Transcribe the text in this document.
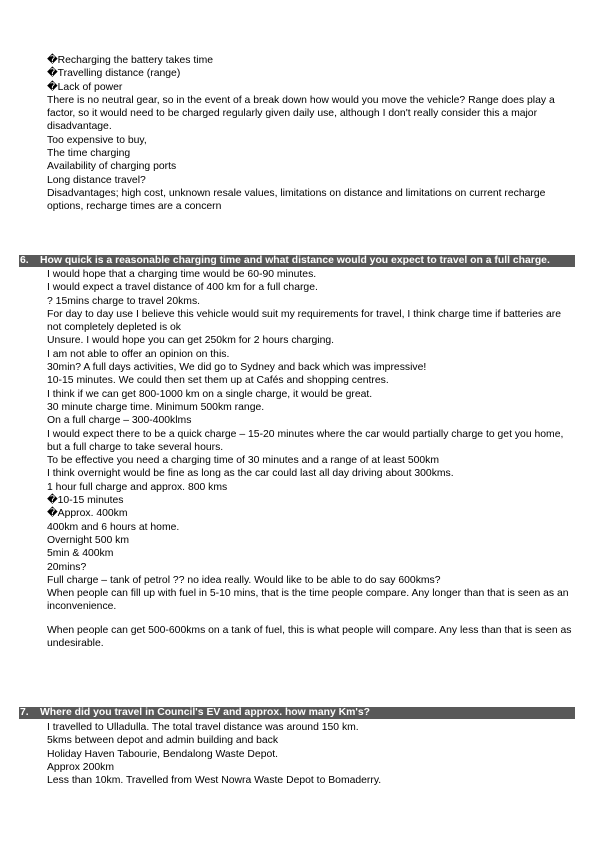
�Recharging the battery takes time

�Travelling distance (range)

�Lack of power

There is no neutral gear, so in the event of a break down how would you move the vehicle? Range does play a factor, so it would need to be charged regularly given daily use, although I don't really consider this a major disadvantage.

Too expensive to buy,

The time charging

Availability of charging ports

Long distance travel?

Disadvantages; high cost, unknown resale values, limitations on distance and limitations on current recharge options, recharge times are a concern

6. How quick is a reasonable charging time and what distance would you expect to travel on a full charge.

I would hope that a charging time would be 60-90 minutes.

I would expect a travel distance of 400 km for a full charge.

? 15mins charge to travel 20kms.

For day to day use I believe this vehicle would suit my requirements for travel, I think charge time if batteries are not completely depleted is ok

Unsure. I would hope you can get 250km for 2 hours charging.

I am not able to offer an opinion on this.

30min? A full days activities, We did go to Sydney and back which was impressive!

10-15 minutes. We could then set them up at Cafés and shopping centres.

I think if we can get 800-1000 km on a single charge, it would be great.

30 minute charge time. Minimum 500km range.

On a full charge – 300-400klms

I would expect there to be a quick charge – 15-20 minutes where the car would partially charge to get you home, but a full charge to take several hours.

To be effective you need a charging time of 30 minutes and a range of at least 500km

I think overnight would be fine as long as the car could last all day driving about 300kms.

1 hour full charge and approx. 800 kms

�10-15 minutes

�Approx. 400km

400km and 6 hours at home.

Overnight 500 km

5min & 400km

20mins?

Full charge – tank of petrol ?? no idea really. Would like to be able to do say 600kms?

When people can fill up with fuel in 5-10 mins, that is the time people compare. Any longer than that is seen as an inconvenience.

When people can get 500-600kms on a tank of fuel, this is what people will compare. Any less than that is seen as undesirable.

7. Where did you travel in Council's EV and approx. how many Km's?

I travelled to Ulladulla. The total travel distance was around 150 km.

5kms between depot and admin building and back

Holiday Haven Tabourie, Bendalong Waste Depot.

Approx 200km

Less than 10km. Travelled from West Nowra Waste Depot to Bomaderry.
